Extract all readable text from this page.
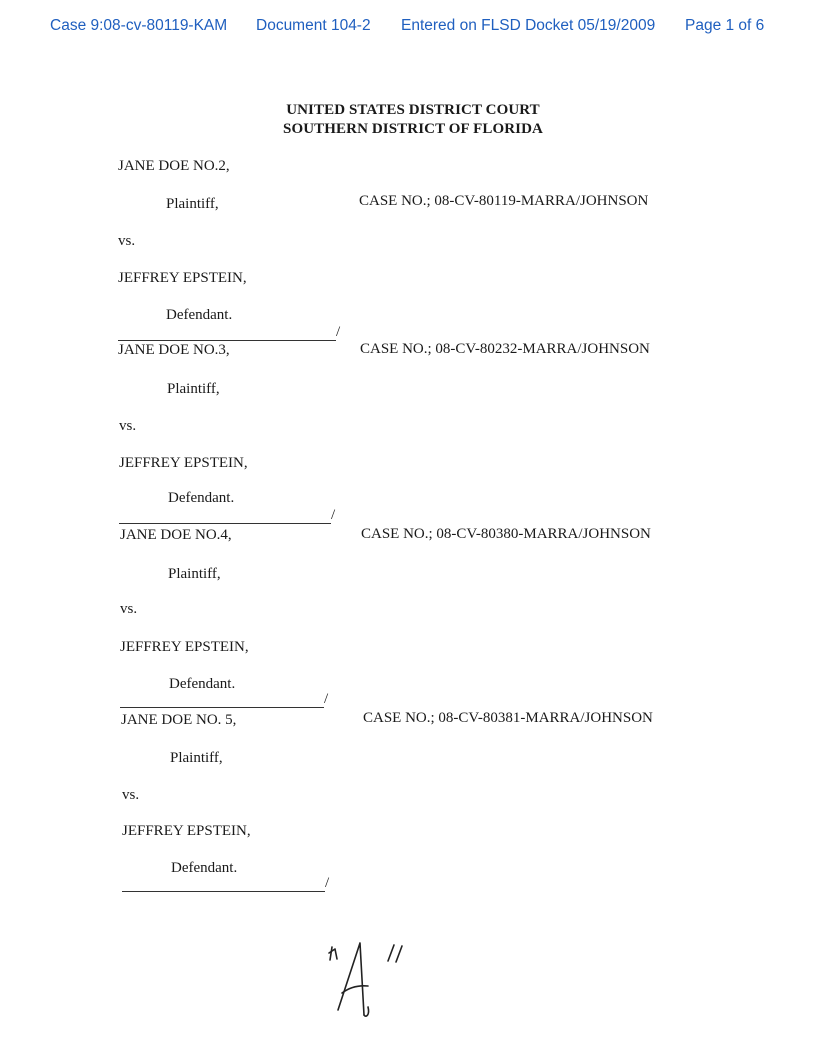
Case 9:08-cv-80119-KAM Document 104-2 Entered on FLSD Docket 05/19/2009 Page 1 of 6
UNITED STATES DISTRICT COURT
SOUTHERN DISTRICT OF FLORIDA
JANE DOE NO.2,
Plaintiff,	CASE NO.; 08-CV-80119-MARRA/JOHNSON
vs.
JEFFREY EPSTEIN,
Defendant.
/
JANE DOE NO.3,
Plaintiff,
CASE NO.; 08-CV-80232-MARRA/JOHNSON
vs.
JEFFREY EPSTEIN,
Defendant.
/
JANE DOE NO.4,
Plaintiff,
CASE NO.; 08-CV-80380-MARRA/JOHNSON
vs.
JEFFREY EPSTEIN,
Defendant.
/
JANE DOE NO. 5,
Plaintiff,
CASE NO.; 08-CV-80381-MARRA/JOHNSON
vs.
JEFFREY EPSTEIN,
Defendant.
/
